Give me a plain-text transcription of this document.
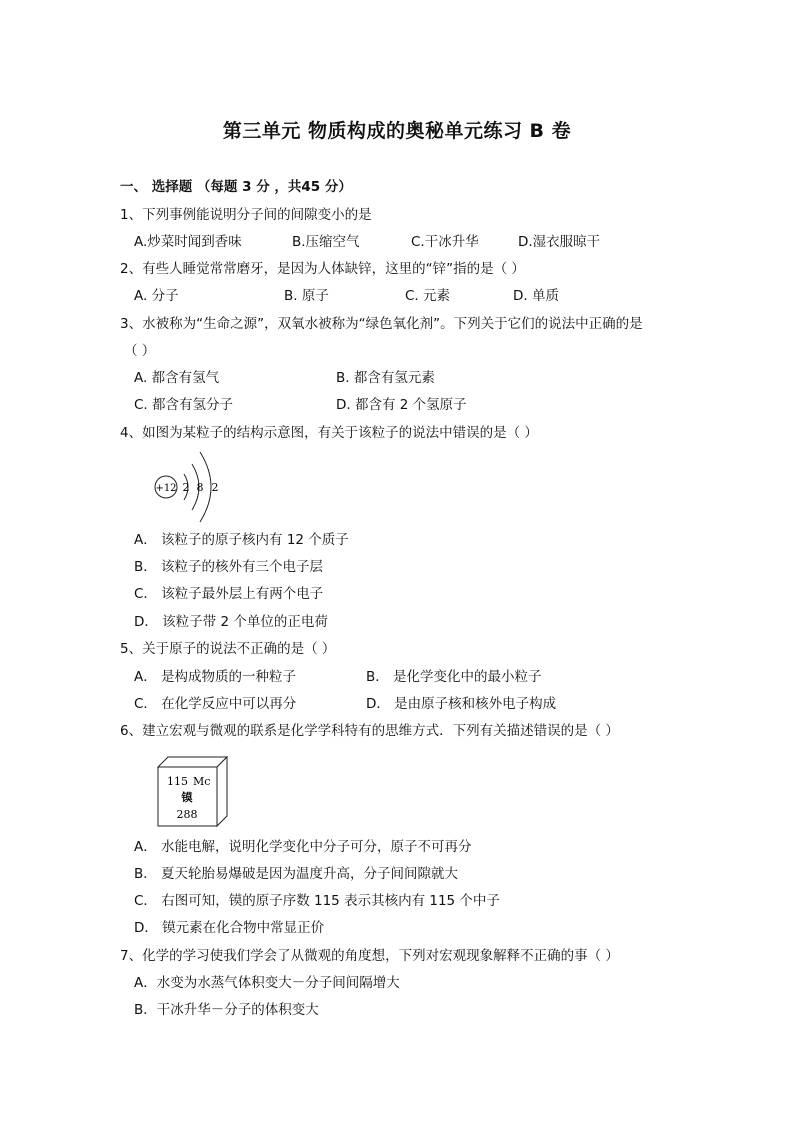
第三单元 物质构成的奥秘单元练习 B 卷
一、 选择题 （每题 3 分 ，共45 分）
1、下列事例能说明分子间的间隙变小的是
A.炒菜时闻到香味	B.压缩空气	C.干冰升华	D.湿衣服晾干
2、有些人睡觉常常磨牙，是因为人体缺锌，这里的“锌”指的是（ ）
A. 分子	B. 原子	C. 元素	D. 单质
3、水被称为“生命之源”，双氧水被称为“绿色氧化剂”。下列关于它们的说法中正确的是
（ ）
A. 都含有氢气	B. 都含有氢元素
C. 都含有氢分子	D. 都含有 2 个氢原子
4、如图为某粒子的结构示意图，有关于该粒子的说法中错误的是（ ）
+12 2 8 2
A． 该粒子的原子核内有 12 个质子
B． 该粒子的核外有三个电子层
C． 该粒子最外层上有两个电子
D． 该粒子带 2 个单位的正电荷
5、关于原子的说法不正确的是（ ）
A． 是构成物质的一种粒子	B． 是化学变化中的最小粒子
C． 在化学反应中可以再分	D． 是由原子核和核外电子构成
6、建立宏观与微观的联系是化学学科特有的思维方式．下列有关描述错误的是（ ）
115 Mc
镆
288
A． 水能电解，说明化学变化中分子可分，原子不可再分
B． 夏天轮胎易爆破是因为温度升高，分子间间隙就大
C． 右图可知，镆的原子序数 115 表示其核内有 115 个中子
D． 镆元素在化合物中常显正价
7、化学的学习使我们学会了从微观的角度想，下列对宏观现象解释不正确的事（ ）
A．水变为水蒸气体积变大－分子间间隔增大
B．干冰升华－分子的体积变大
